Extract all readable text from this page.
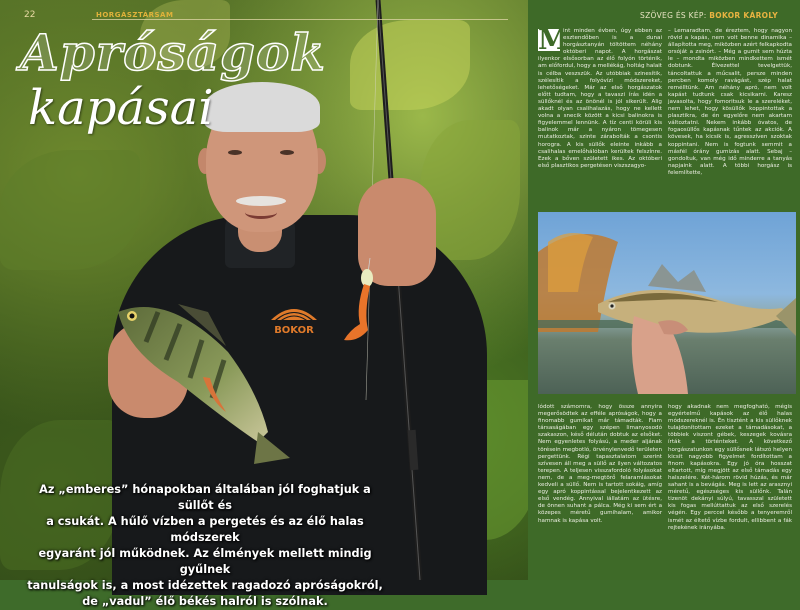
BOKOR
22	HORGÁSZTÁRSAM
Apróságok
kapásai
Az „emberes” hónapokban általában jól foghatjuk a süllőt és
a csukát. A hűlő vízben a pergetés és az élő halas módszerek
egyaránt jól működnek. Az élmények mellett mindig gyűlnek
tanulságok is, a most idézettek ragadozó apróságokról,
de „vadul” élő békés halról is szólnak.
SZÖVEG ÉS KÉP: BOKOR KÁROLY
M

int minden évben, úgy ebben az esztendőben is a dunai horgásztanyán töltöttem néhány októberi napot. A horgászat ilyenkor elsősorban az élő folyón történik, am előfordul, hogy a mellékág, holtág halait is célba veszszük. Az utóbbiak szinesítik, szélesítik a folyóvízi módszereket, lehetőségeket. Már az első horgászatok előtt tudtam, hogy a tavaszi írás idén a süllőknél és az önönél is jól sikerült. Alig akadt olyan csalihalazás, hogy ne kellett volna a snecik között a kicsi balinokra is figyelemmel lennünk. A tíz centi körüli kis balinok már a nyáron tömegesen mutatkoztak, szinte zárabolták a csontis horogra. A kis süllők eleinte inkább a csalihalas emelőhálóban kerültek felszínre. Ezek a bőven született ikes. Az októberi első plasztikos pergetésen viszszagyo-

– Lemaradtam, de éreztem, hogy nagyon rövid a kapás, nem volt benne dinamika – állapította meg, miközben azért felkapkodta orsóját a zsinórt. – Még a gumit sem húzta le – mondta miközben mindkettem ismét dobtunk. Élvezettel tevelgettük, táncoltattuk a műcsalit, persze minden percben komoly ravágást, szép halat remélltünk. Am néhány apró, nem volt kapást tudtunk csak kicsikarni. Karesz javasolta, hogy fomoritsuk le a szereléket, nem lehet, hogy kösüllők koppintottak a plasztikra, de én egyelőre nem akartam változtatni. Nekem inkább óvatos, de fogaosüllős kapásnak tűntek az akciók. A kövesek, ha kicsik is, agresszíven szoktak koppintani. Nem is fogtunk semmit a másfél órány gumizás alatt. Sebaj – gondoltuk, van még idő minderre a tanyás napjaink alatt. A többi horgász is felemlítette,

lódott számomra, hogy össze annyira megerősödtek az efféle apróságok, hogy a finomabb gumikat már támadták. Fiam társaságában egy szépen limanyosodó szakaszon, késő délután dobtuk az elsőket. Nem egyenletes folyású, a meder aljának törésein megbotló, örvénylenvedő területen pergettünk. Régi tapasztalatom szerint szívesen áll meg a süllő az ilyen változatos terepen. A teljesen visszafordoló folyásokat nem, de a meg-megtörő felaramlásokat kedveli a süllő. Nem is tartott sokáig, amíg egy apró koppintással bejelentkezett az első vendég. Annyival iállatám az ütésre, de önnen suhant a pálca. Még ki sem ért a közepes méretű gumihalam, amikor hamnak is kapása volt.

hogy akadnak nem megfogható, mégis egyértelmű kapások az élő halas módszereknél is. Én tisztént a kis süllőknek tulajdonítottam ezeket a támadásokat, a többiek viszont gébek, keszegek kovásra írták a történteket. A következő horgászatunkon egy süllősnek látszó helyen kicsit nagyobb figyelmet fordítottam a finom kapásokra. Egy jó óra hosszat eltartott, míg megjött az első támadás egy halszelére. Két-három rövid húzás, és már sahant is a bevágás. Meg is lett az arasznyi méretű, egészséges kis süllőnk. Talán tizenöt dekányi súlyú, tavasszal született kis fogas mellúttattuk az első szerelés végén. Egy perccel később a tenyeremről ismét az éltető vízbe fordult, ellibbent a fák rejtekének irányába.
